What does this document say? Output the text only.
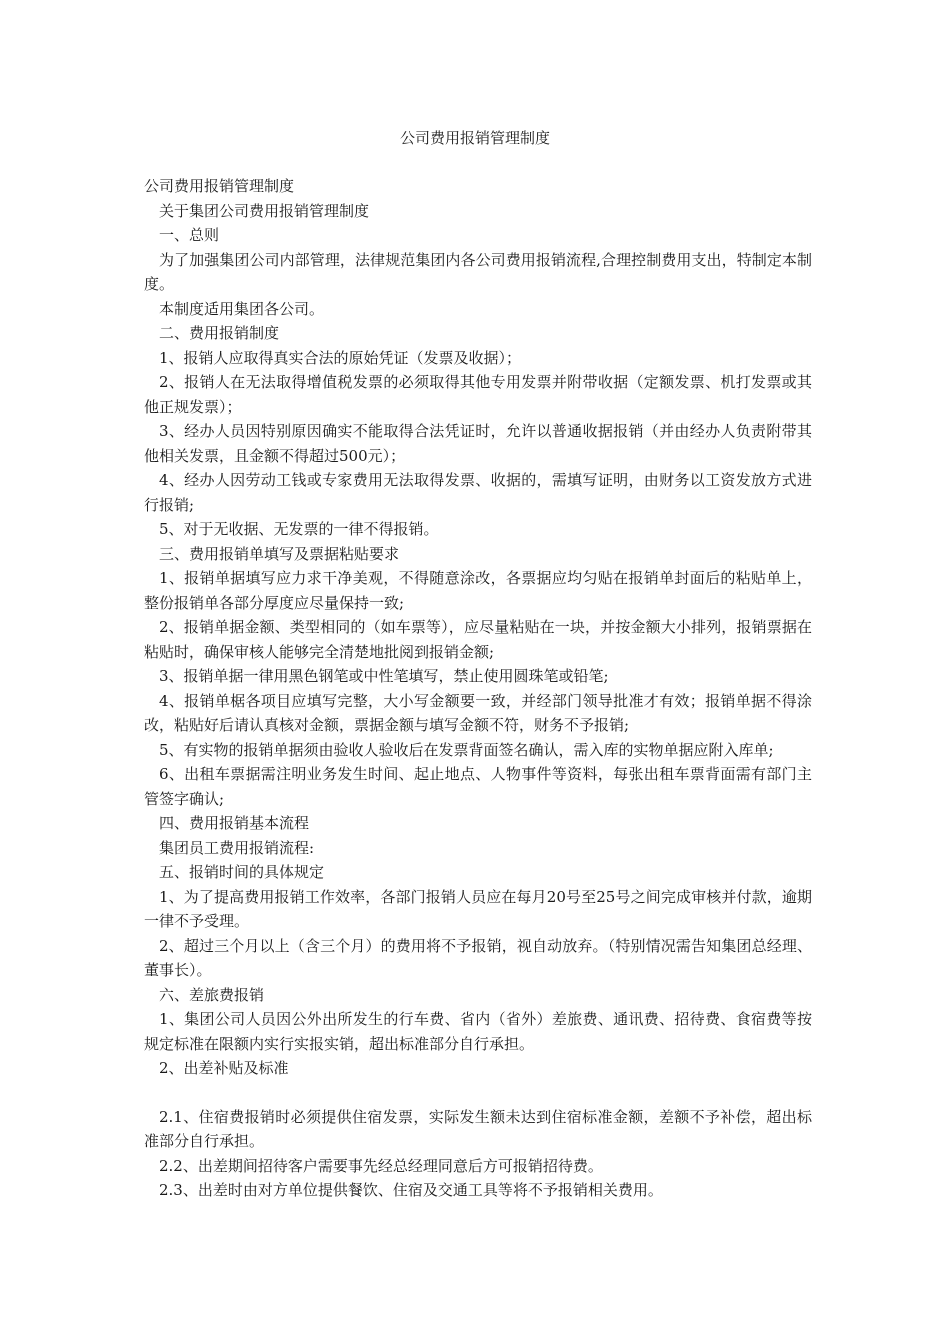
公司费用报销管理制度

公司费用报销管理制度

关于集团公司费用报销管理制度

一、总则

为了加强集团公司内部管理，法律规范集团内各公司费用报销流程,合理控制费用支出，特制定本制度。

本制度适用集团各公司。

二、费用报销制度

1、报销人应取得真实合法的原始凭证（发票及收据）；

2、报销人在无法取得增值税发票的必须取得其他专用发票并附带收据（定额发票、机打发票或其他正规发票）；

3、经办人员因特别原因确实不能取得合法凭证时，允许以普通收据报销（并由经办人负责附带其他相关发票，且金额不得超过500元）；

4、经办人因劳动工钱或专家费用无法取得发票、收据的，需填写证明，由财务以工资发放方式进行报销;

5、对于无收据、无发票的一律不得报销。

三、费用报销单填写及票据粘贴要求

1、报销单据填写应力求干净美观，不得随意涂改，各票据应均匀贴在报销单封面后的粘贴单上，整份报销单各部分厚度应尽量保持一致;

2、报销单据金额、类型相同的（如车票等），应尽量粘贴在一块，并按金额大小排列，报销票据在粘贴时，确保审核人能够完全清楚地批阅到报销金额;

3、报销单据一律用黑色钢笔或中性笔填写，禁止使用圆珠笔或铅笔;

4、报销单椐各项目应填写完整，大小写金额要一致，并经部门领导批准才有效；报销单据不得涂改，粘贴好后请认真核对金额，票据金额与填写金额不符，财务不予报销;

5、有实物的报销单据须由验收人验收后在发票背面签名确认，需入库的实物单据应附入库单;

6、出租车票据需注明业务发生时间、起止地点、人物事件等资料，每张出租车票背面需有部门主管签字确认;

四、费用报销基本流程

集团员工费用报销流程:

五、报销时间的具体规定

1、为了提高费用报销工作效率，各部门报销人员应在每月20号至25号之间完成审核并付款，逾期一律不予受理。

2、超过三个月以上（含三个月）的费用将不予报销，视自动放弃。（特别情况需告知集团总经理、董事长）。

六、差旅费报销

1、集团公司人员因公外出所发生的行车费、省内（省外）差旅费、通讯费、招待费、食宿费等按规定标准在限额内实行实报实销，超出标准部分自行承担。

2、出差补贴及标准

2.1、住宿费报销时必须提供住宿发票，实际发生额未达到住宿标准金额，差额不予补偿，超出标准部分自行承担。

2.2、出差期间招待客户需要事先经总经理同意后方可报销招待费。

2.3、出差时由对方单位提供餐饮、住宿及交通工具等将不予报销相关费用。
